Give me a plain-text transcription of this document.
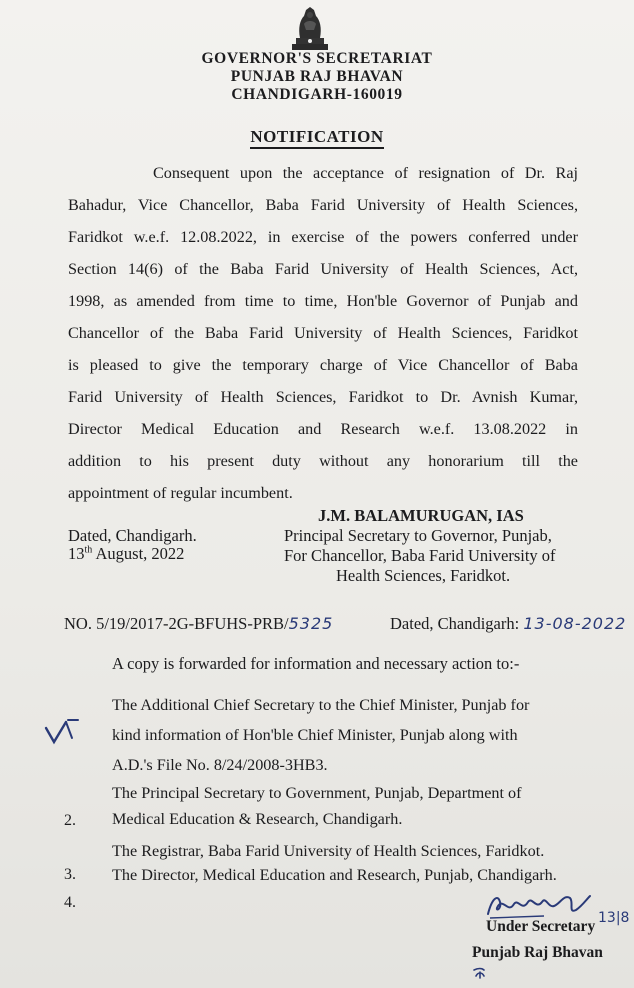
GOVERNOR'S SECRETARIAT
PUNJAB RAJ BHAVAN
CHANDIGARH-160019
NOTIFICATION
Consequent upon the acceptance of resignation of Dr. Raj
Bahadur, Vice Chancellor, Baba Farid University of Health Sciences,
Faridkot w.e.f. 12.08.2022, in exercise of the powers conferred under
Section 14(6) of the Baba Farid University of Health Sciences, Act,
1998, as amended from time to time, Hon'ble Governor of Punjab and
Chancellor of the Baba Farid University of Health Sciences, Faridkot
is pleased to give the temporary charge of Vice Chancellor of Baba
Farid University of Health Sciences, Faridkot to Dr. Avnish Kumar,
Director Medical Education and Research w.e.f. 13.08.2022 in
addition to his present duty without any honorarium till the
appointment of regular incumbent.
Dated, Chandigarh.
13th August, 2022
J.M. BALAMURUGAN, IAS
Principal Secretary to Governor, Punjab,
For Chancellor, Baba Farid University of
Health Sciences, Faridkot.
NO. 5/19/2017-2G-BFUHS-PRB/5325	Dated, Chandigarh: 13-08-2022
A copy is forwarded for information and necessary action to:-
The Additional Chief Secretary to the Chief Minister, Punjab for
kind information of Hon'ble Chief Minister, Punjab along with
A.D.'s File No. 8/24/2008-3HB3.
2.
The Principal Secretary to Government, Punjab, Department of
Medical Education & Research, Chandigarh.
3.
The Registrar, Baba Farid University of Health Sciences, Faridkot.
4.
The Director, Medical Education and Research, Punjab, Chandigarh.
Under Secretary 13|8
Punjab Raj Bhavan
